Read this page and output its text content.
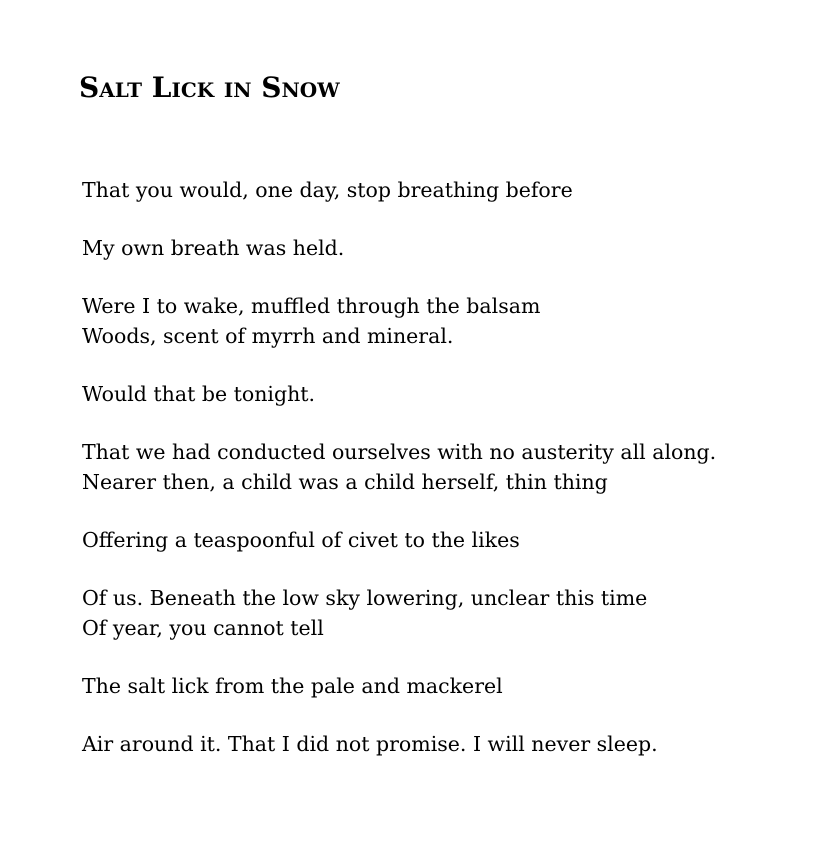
Salt Lick in Snow
That you would, one day, stop breathing before
My own breath was held.
Were I to wake, muffled through the balsam
Woods, scent of myrrh and mineral.
Would that be tonight.
That we had conducted ourselves with no austerity all along.
Nearer then, a child was a child herself, thin thing
Offering a teaspoonful of civet to the likes
Of us. Beneath the low sky lowering, unclear this time
Of year, you cannot tell
The salt lick from the pale and mackerel
Air around it. That I did not promise. I will never sleep.
